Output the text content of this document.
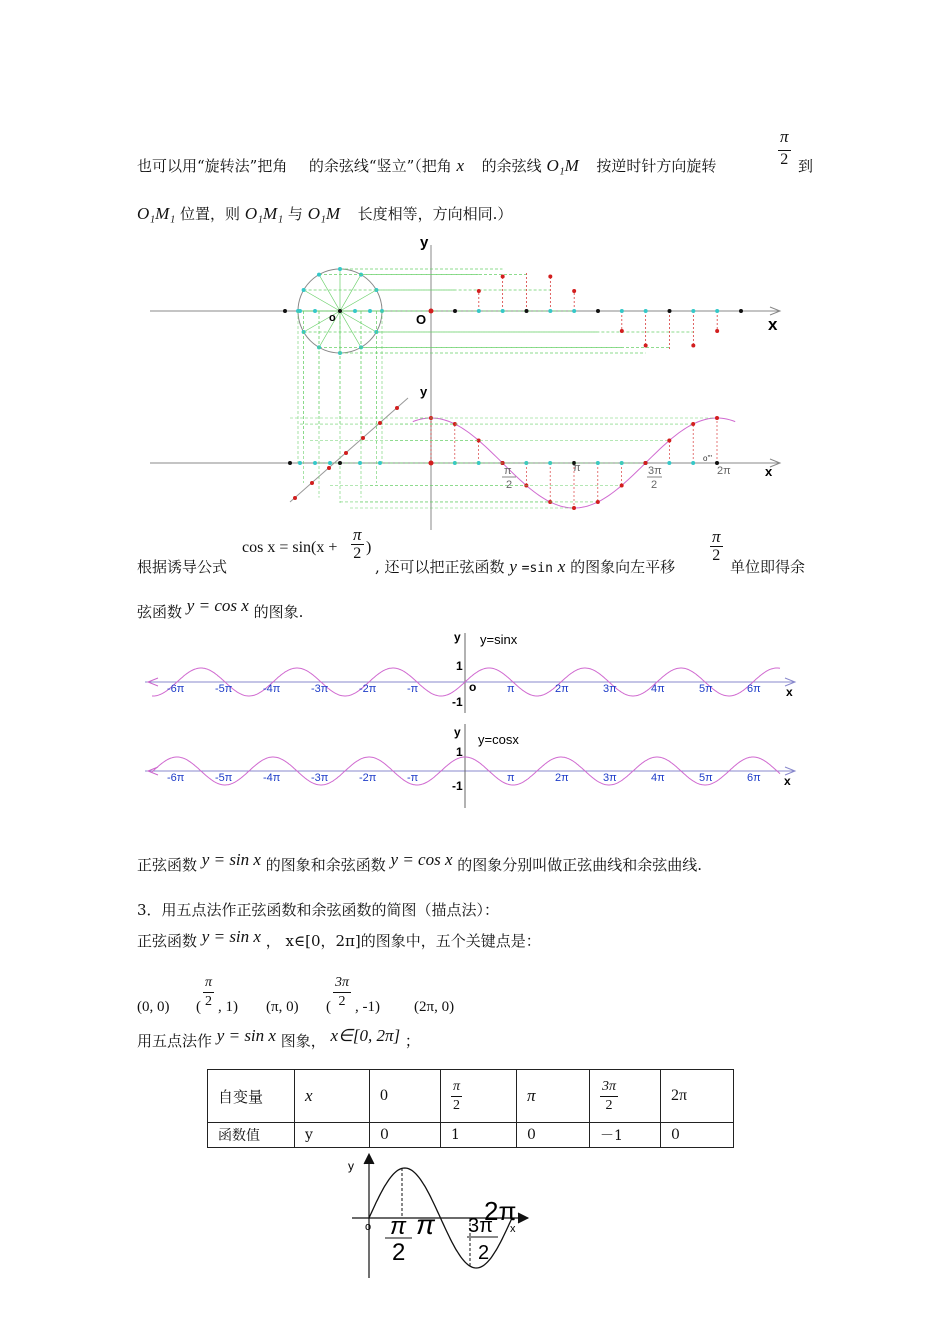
也可以用“旋转法”把角 的余弦线“竖立”（把角 x 的余弦线 O₁M 按逆时针方向旋转	$\frac{\pi}{2}$ 到
O₁M₁ 位置，则 O₁M₁ 与 O₁M 长度相等，方向相同.）
y
x
O
o
y
x
π
2
π	3π
2
2π
o'''
根据诱导公式
$\cos x = \sin(x + \frac{\pi}{2}$ )
, 还可以把正弦函数 y =sin x 的图象向左平移
$\frac{\pi}{2}$
单位即得余
弦函数 y = cos x 的图象.
-6π	-5π	-4π	-3π	-2π	-π	π	2π	3π	4π	5π	6π
-6π	-5π	-4π	-3π	-2π	-π	π	2π	3π	4π	5π	6π
y y=sinx
x
1
-1
o
y y=cosx
x
1
-1
正弦函数 y = sin x 的图象和余弦函数 y = cos x 的图象分别叫做正弦曲线和余弦曲线.
3．用五点法作正弦函数和余弦函数的简图（描点法）：
正弦函数 y = sin x ， x∈[0，2π]的图象中，五个关键点是：
(0, 0) ( $\frac{\pi}{2}$ , 1) (π, 0) ( $\frac{3\pi}{2}$ , -1) (2π, 0)
用五点法作 y = sin x 图象， x∈[0, 2π] ；
自变量	x	0	$\frac{\pi}{2}$	π	$\frac{3\pi}{2}$	2π
函数值	y	0	1	0	－1	0
y
o	x
π
2
π 3π
2
2π
